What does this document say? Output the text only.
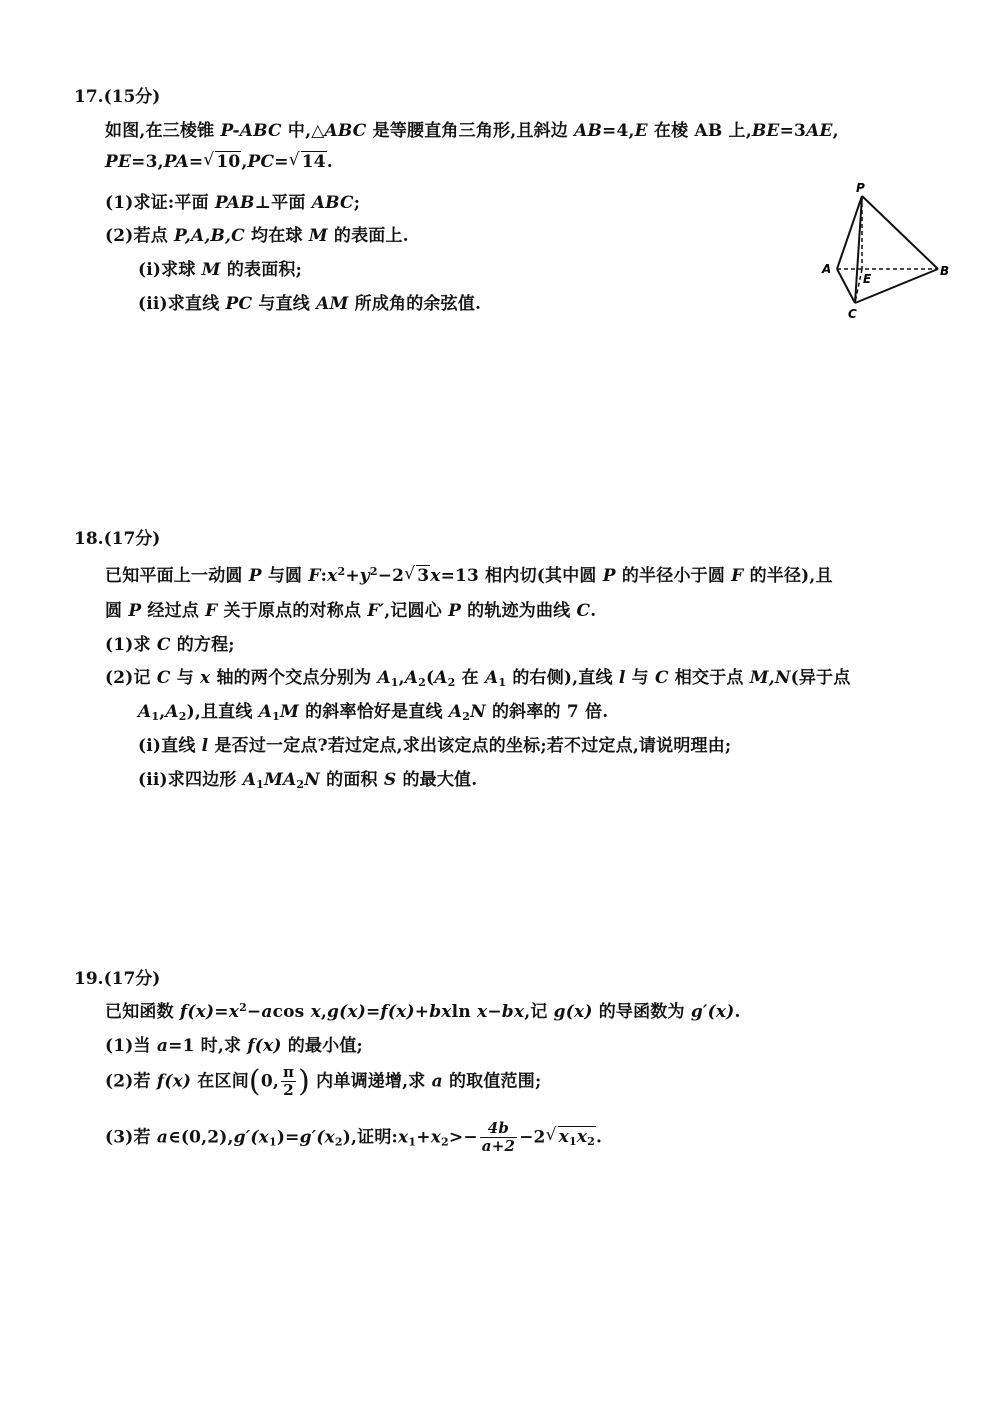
17.(15分)
如图,在三棱锥 P-ABC 中,△ABC 是等腰直角三角形,且斜边 AB=4,E 在棱 AB 上,BE=3AE,
PE=3,PA=√ 10,PC=√ 14.
(1)求证:平面 PAB⊥平面 ABC;
(2)若点 P,A,B,C 均在球 M 的表面上.
(i)求球 M 的表面积;
(ii)求直线 PC 与直线 AM 所成角的余弦值.
P
A	B
C
E
18.(17分)
已知平面上一动圆 P 与圆 $F:x^2+y^2-2√$ 3x=13 相内切(其中圆 P 的半径小于圆 F 的半径),且
圆 P 经过点 F 关于原点的对称点 F′,记圆心 P 的轨迹为曲线 C.
(1)求 C 的方程;
(2)记 C 与 x 轴的两个交点分别为 $A_1,A_2(A_2$ 在 $A_1$ 的右侧),直线 l 与 C 相交于点 M,N(异于点
$A_1,A_2$),且直线 $A_1M$ 的斜率恰好是直线 $A_2N$ 的斜率的 7 倍.
(i)直线 l 是否过一定点?若过定点,求出该定点的坐标;若不过定点,请说明理由;
(ii)求四边形 $A_1MA_2N$ 的面积 S 的最大值.
19.(17分)
已知函数 $f(x)=x^2-acos$ x,g(x)=f(x)+bxln x−bx,记 g(x) 的导函数为 g′(x).
(1)当 a=1 时,求 f(x) 的最小值;
(2)若 f(x) 在区间(0, $\frac{\pi}{2}$ ) 内单调递增,求 a 的取值范围;
(3)若 $a\in(0,2),g'(x_1)=g'(x_2)$,证明$:x_1+x_2>- \frac{4b}{a+2} -2√$ $x_1x_2$.
